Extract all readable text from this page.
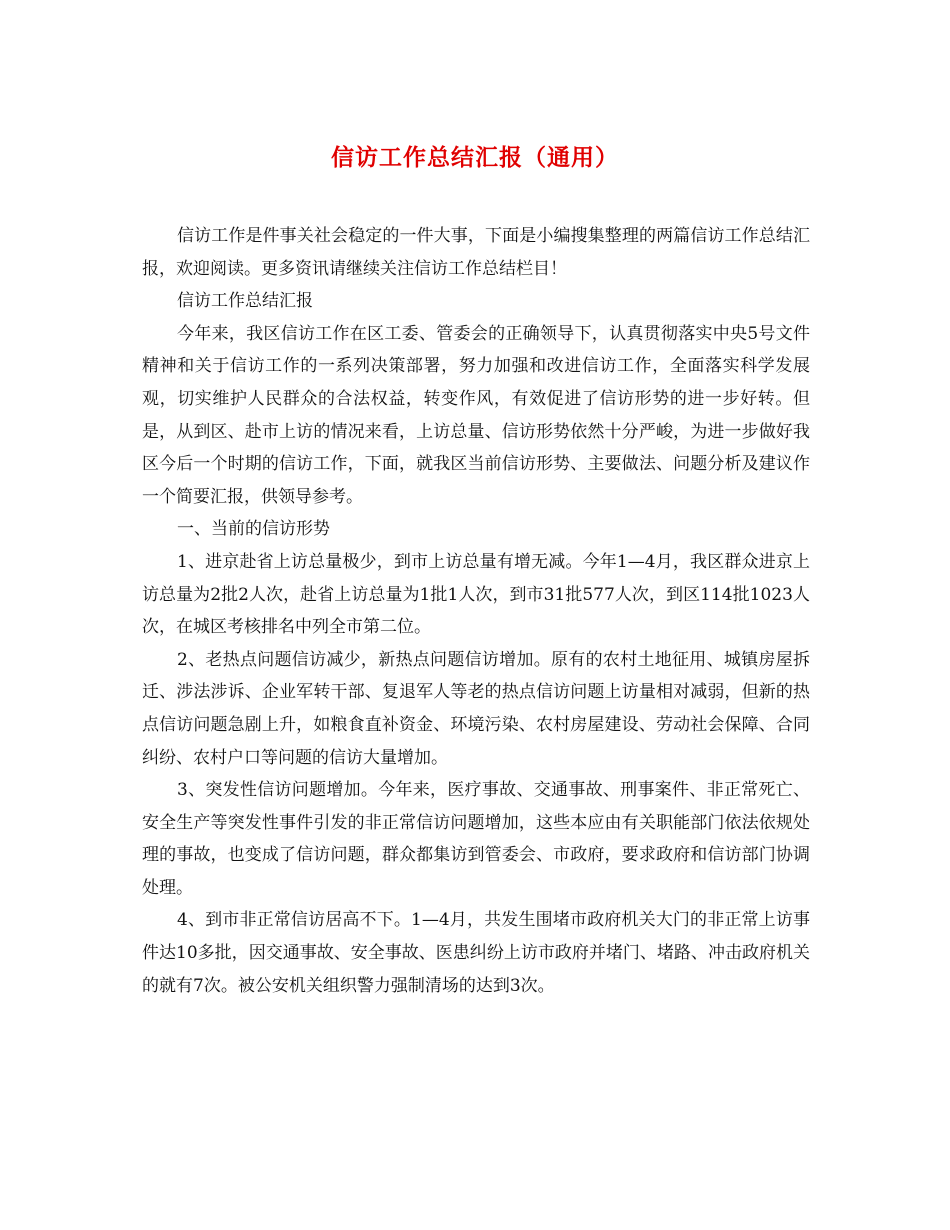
信访工作总结汇报（通用）

信访工作是件事关社会稳定的一件大事，下面是小编搜集整理的两篇信访工作总结汇报，欢迎阅读。更多资讯请继续关注信访工作总结栏目！

信访工作总结汇报

今年来，我区信访工作在区工委、管委会的正确领导下，认真贯彻落实中央5号文件精神和关于信访工作的一系列决策部署，努力加强和改进信访工作，全面落实科学发展观，切实维护人民群众的合法权益，转变作风，有效促进了信访形势的进一步好转。但是，从到区、赴市上访的情况来看，上访总量、信访形势依然十分严峻，为进一步做好我区今后一个时期的信访工作，下面，就我区当前信访形势、主要做法、问题分析及建议作一个简要汇报，供领导参考。

一、当前的信访形势

1、进京赴省上访总量极少，到市上访总量有增无减。今年1—4月，我区群众进京上访总量为2批2人次，赴省上访总量为1批1人次，到市31批577人次，到区114批1023人次，在城区考核排名中列全市第二位。

2、老热点问题信访减少，新热点问题信访增加。原有的农村土地征用、城镇房屋拆迁、涉法涉诉、企业军转干部、复退军人等老的热点信访问题上访量相对减弱，但新的热点信访问题急剧上升，如粮食直补资金、环境污染、农村房屋建设、劳动社会保障、合同纠纷、农村户口等问题的信访大量增加。

3、突发性信访问题增加。今年来，医疗事故、交通事故、刑事案件、非正常死亡、安全生产等突发性事件引发的非正常信访问题增加，这些本应由有关职能部门依法依规处理的事故，也变成了信访问题，群众都集访到管委会、市政府，要求政府和信访部门协调处理。

4、到市非正常信访居高不下。1—4月，共发生围堵市政府机关大门的非正常上访事件达10多批，因交通事故、安全事故、医患纠纷上访市政府并堵门、堵路、冲击政府机关的就有7次。被公安机关组织警力强制清场的达到3次。
